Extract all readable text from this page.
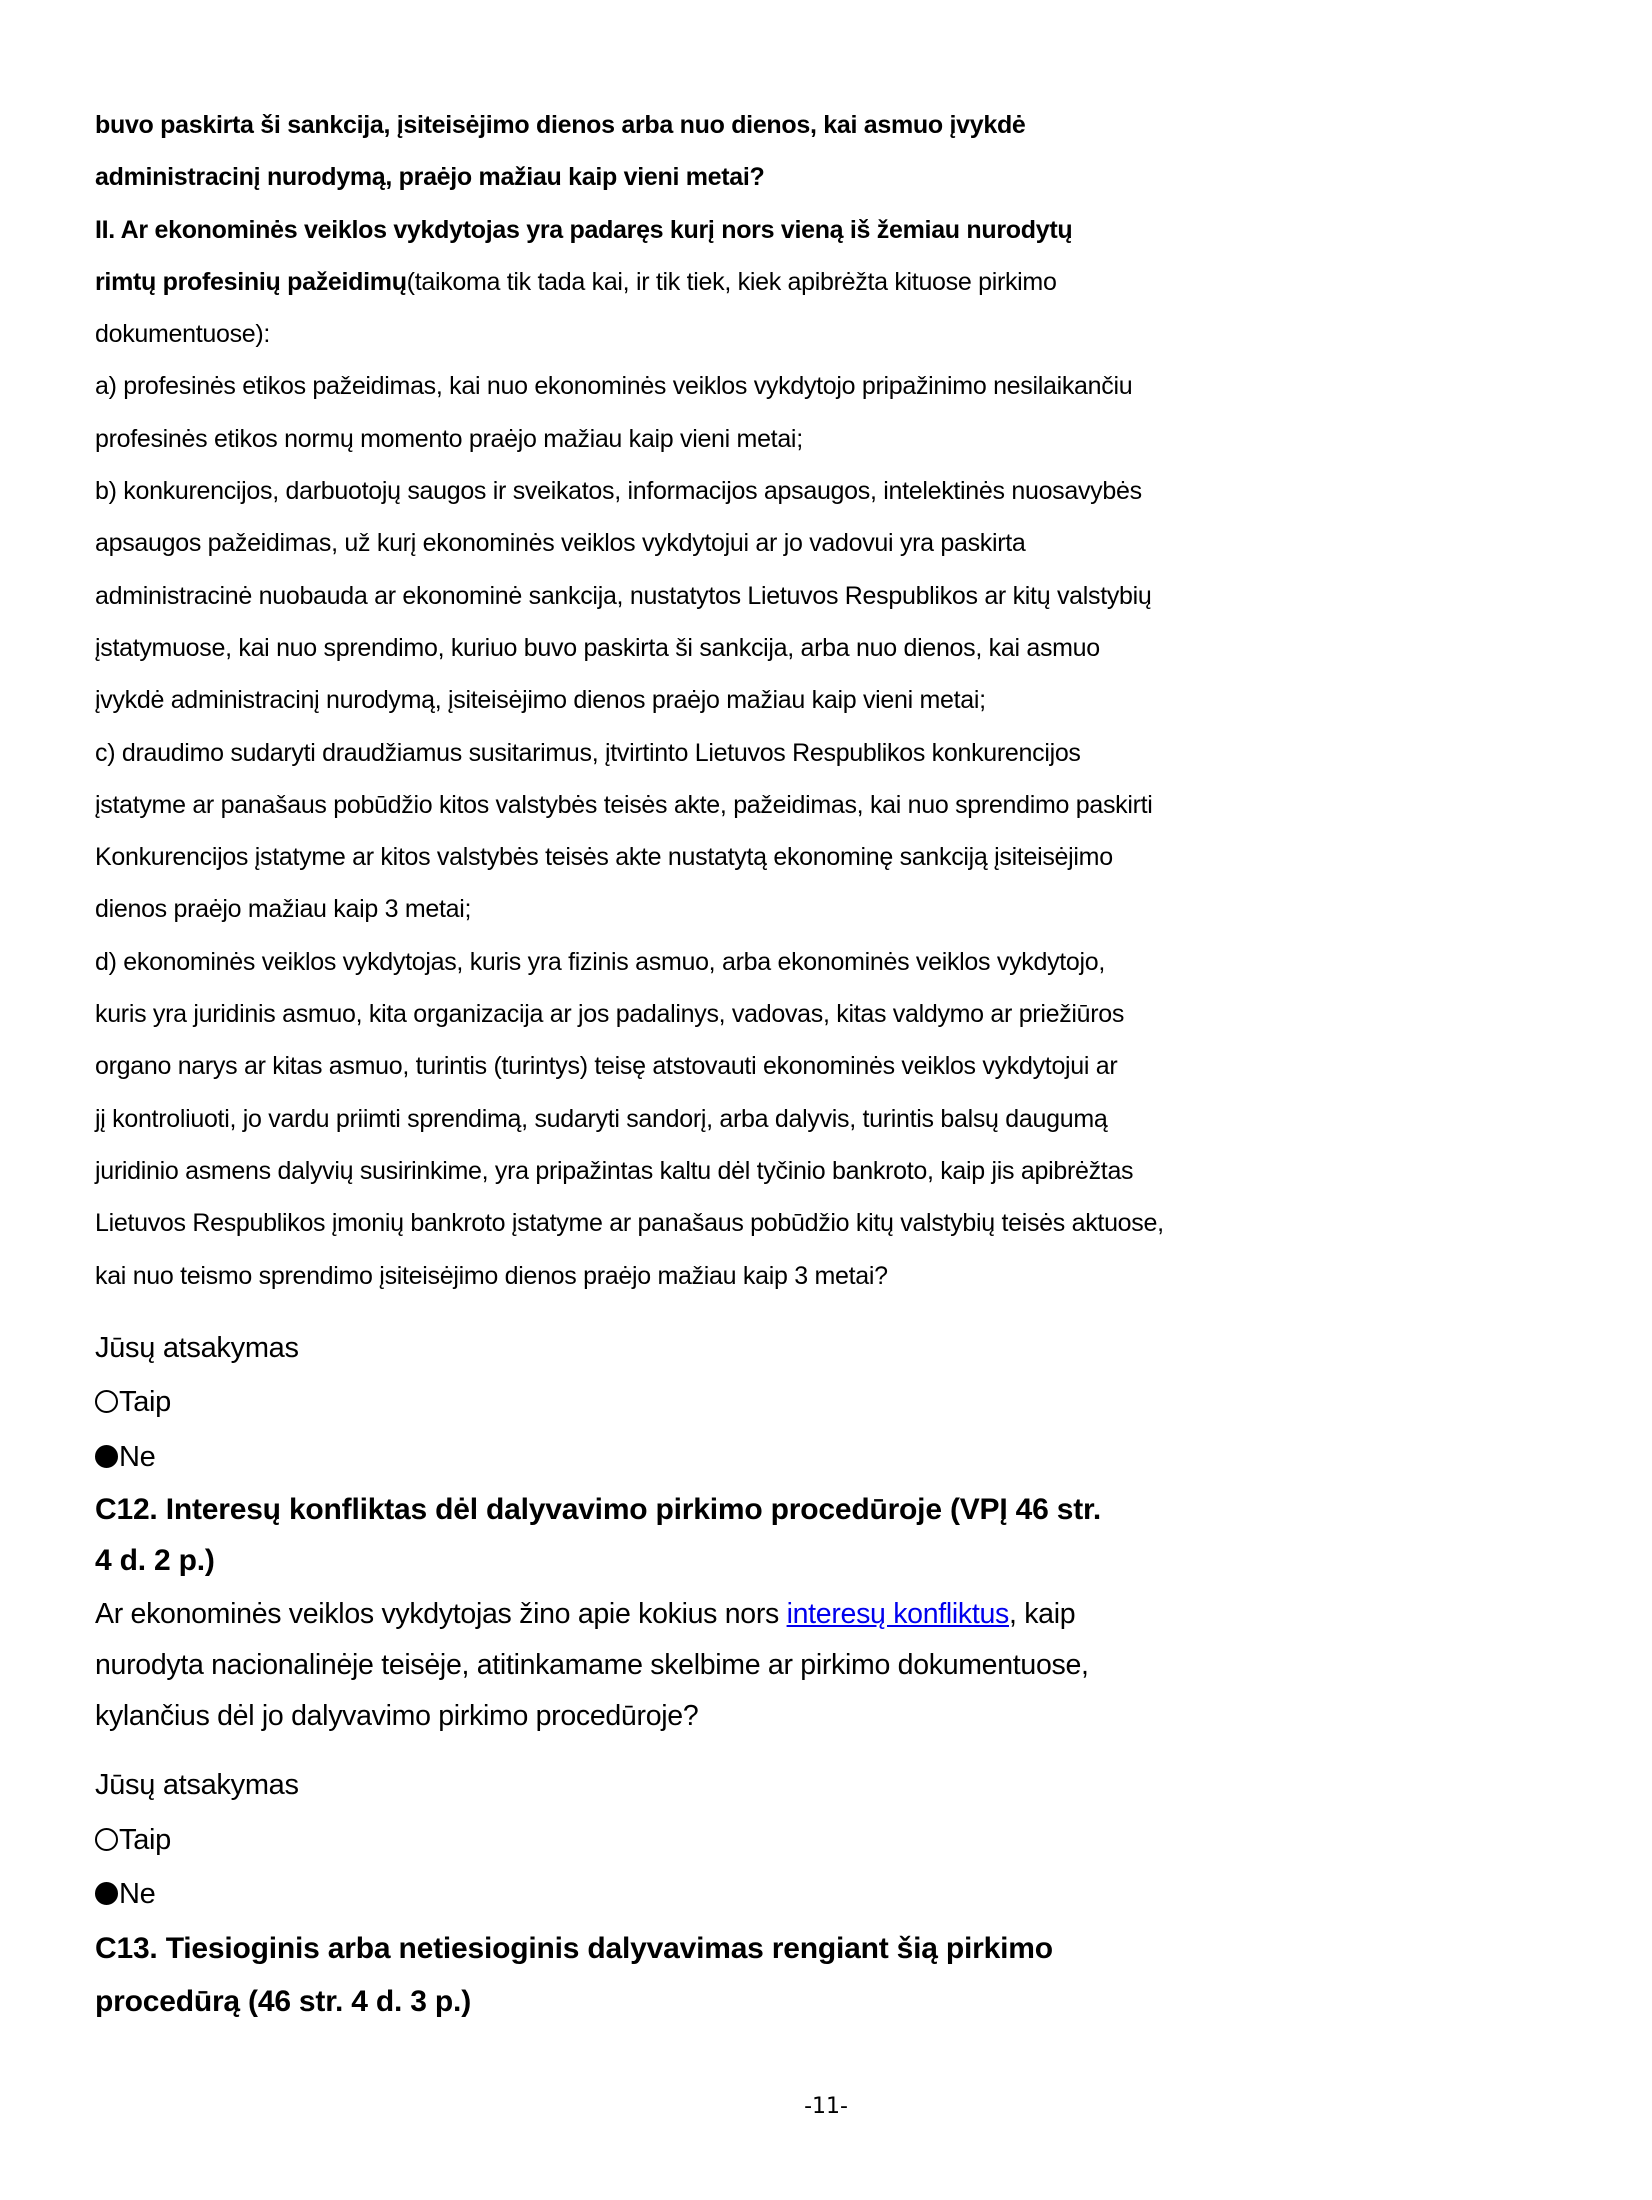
buvo paskirta ši sankcija, įsiteisėjimo dienos arba nuo dienos, kai asmuo įvykdė
administracinį nurodymą, praėjo mažiau kaip vieni metai?
II. Ar ekonominės veiklos vykdytojas yra padaręs kurį nors vieną iš žemiau nurodytų
rimtų profesinių pažeidimų(taikoma tik tada kai, ir tik tiek, kiek apibrėžta kituose pirkimo
dokumentuose):
a) profesinės etikos pažeidimas, kai nuo ekonominės veiklos vykdytojo pripažinimo nesilaikančiu
profesinės etikos normų momento praėjo mažiau kaip vieni metai;
b) konkurencijos, darbuotojų saugos ir sveikatos, informacijos apsaugos, intelektinės nuosavybės
apsaugos pažeidimas, už kurį ekonominės veiklos vykdytojui ar jo vadovui yra paskirta
administracinė nuobauda ar ekonominė sankcija, nustatytos Lietuvos Respublikos ar kitų valstybių
įstatymuose, kai nuo sprendimo, kuriuo buvo paskirta ši sankcija, arba nuo dienos, kai asmuo
įvykdė administracinį nurodymą, įsiteisėjimo dienos praėjo mažiau kaip vieni metai;
c) draudimo sudaryti draudžiamus susitarimus, įtvirtinto Lietuvos Respublikos konkurencijos
įstatyme ar panašaus pobūdžio kitos valstybės teisės akte, pažeidimas, kai nuo sprendimo paskirti
Konkurencijos įstatyme ar kitos valstybės teisės akte nustatytą ekonominę sankciją įsiteisėjimo
dienos praėjo mažiau kaip 3 metai;
d) ekonominės veiklos vykdytojas, kuris yra fizinis asmuo, arba ekonominės veiklos vykdytojo,
kuris yra juridinis asmuo, kita organizacija ar jos padalinys, vadovas, kitas valdymo ar priežiūros
organo narys ar kitas asmuo, turintis (turintys) teisę atstovauti ekonominės veiklos vykdytojui ar
jį kontroliuoti, jo vardu priimti sprendimą, sudaryti sandorį, arba dalyvis, turintis balsų daugumą
juridinio asmens dalyvių susirinkime, yra pripažintas kaltu dėl tyčinio bankroto, kaip jis apibrėžtas
Lietuvos Respublikos įmonių bankroto įstatyme ar panašaus pobūdžio kitų valstybių teisės aktuose,
kai nuo teismo sprendimo įsiteisėjimo dienos praėjo mažiau kaip 3 metai?
Jūsų atsakymas
Taip
Ne
C12. Interesų konfliktas dėl dalyvavimo pirkimo procedūroje (VPĮ 46 str.
4 d. 2 p.)
Ar ekonominės veiklos vykdytojas žino apie kokius nors interesų konfliktus, kaip
nurodyta nacionalinėje teisėje, atitinkamame skelbime ar pirkimo dokumentuose,
kylančius dėl jo dalyvavimo pirkimo procedūroje?
Jūsų atsakymas
Taip
Ne
C13. Tiesioginis arba netiesioginis dalyvavimas rengiant šią pirkimo
procedūrą (46 str. 4 d. 3 p.)
-11-
